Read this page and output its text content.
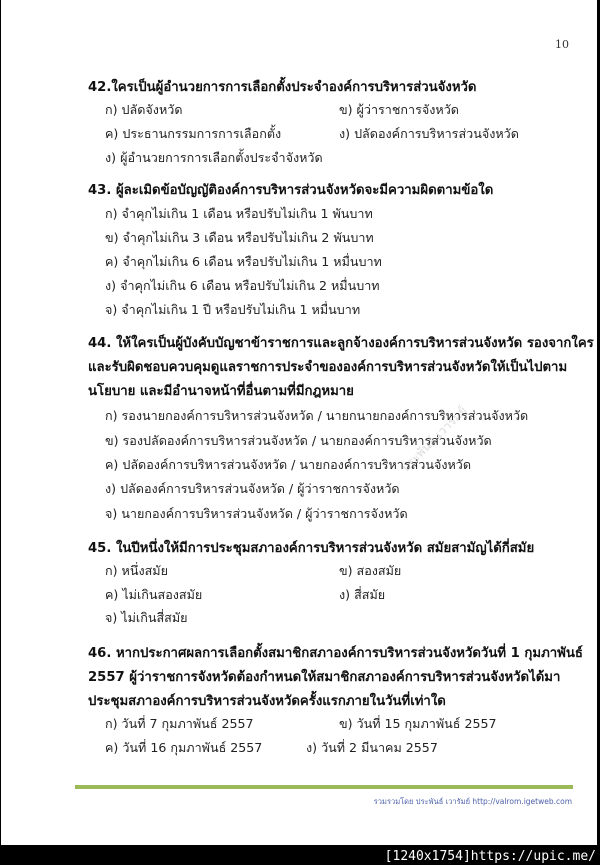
10
ประพันธ์ เวารัมย์
42.ใครเป็นผู้อำนวยการการเลือกตั้งประจำองค์การบริหารส่วนจังหวัด
ก) ปลัดจังหวัด	ข) ผู้ว่าราชการจังหวัด
ค) ประธานกรรมการการเลือกตั้ง	ง) ปลัดองค์การบริหารส่วนจังหวัด
ง) ผู้อำนวยการการเลือกตั้งประจำจังหวัด
43. ผู้ละเมิดข้อบัญญัติองค์การบริหารส่วนจังหวัดจะมีความผิดตามข้อใด
ก) จำคุกไม่เกิน 1 เดือน หรือปรับไม่เกิน 1 พันบาท
ข) จำคุกไม่เกิน 3 เดือน หรือปรับไม่เกิน 2 พันบาท
ค) จำคุกไม่เกิน 6 เดือน หรือปรับไม่เกิน 1 หมื่นบาท
ง) จำคุกไม่เกิน 6 เดือน หรือปรับไม่เกิน 2 หมื่นบาท
จ) จำคุกไม่เกิน 1 ปี หรือปรับไม่เกิน 1 หมื่นบาท
44. ให้ใครเป็นผู้บังคับบัญชาข้าราชการและลูกจ้างองค์การบริหารส่วนจังหวัด รองจากใคร
และรับผิดชอบควบคุมดูแลราชการประจำขององค์การบริหารส่วนจังหวัดให้เป็นไปตาม
นโยบาย และมีอำนาจหน้าที่อื่นตามที่มีกฎหมาย
ก) รองนายกองค์การบริหารส่วนจังหวัด / นายกนายกองค์การบริหารส่วนจังหวัด
ข) รองปลัดองค์การบริหารส่วนจังหวัด / นายกองค์การบริหารส่วนจังหวัด
ค) ปลัดองค์การบริหารส่วนจังหวัด / นายกองค์การบริหารส่วนจังหวัด
ง) ปลัดองค์การบริหารส่วนจังหวัด / ผู้ว่าราชการจังหวัด
จ) นายกองค์การบริหารส่วนจังหวัด / ผู้ว่าราชการจังหวัด
45. ในปีหนึ่งให้มีการประชุมสภาองค์การบริหารส่วนจังหวัด สมัยสามัญได้กี่สมัย
ก) หนึ่งสมัย	ข) สองสมัย
ค) ไม่เกินสองสมัย	ง) สี่สมัย
จ) ไม่เกินสี่สมัย
46. หากประกาศผลการเลือกตั้งสมาชิกสภาองค์การบริหารส่วนจังหวัดวันที่ 1 กุมภาพันธ์
2557 ผู้ว่าราชการจังหวัดต้องกำหนดให้สมาชิกสภาองค์การบริหารส่วนจังหวัดได้มา
ประชุมสภาองค์การบริหารส่วนจังหวัดครั้งแรกภายในวันที่เท่าใด
ก) วันที่ 7 กุมภาพันธ์ 2557	ข) วันที่ 15 กุมภาพันธ์ 2557
ค) วันที่ 16 กุมภาพันธ์ 2557	ง) วันที่ 2 มีนาคม 2557
รวมรวมโดย ประพันธ์ เวารัมย์ http://valrom.igetweb.com
[1240x1754]https://upic.me/
